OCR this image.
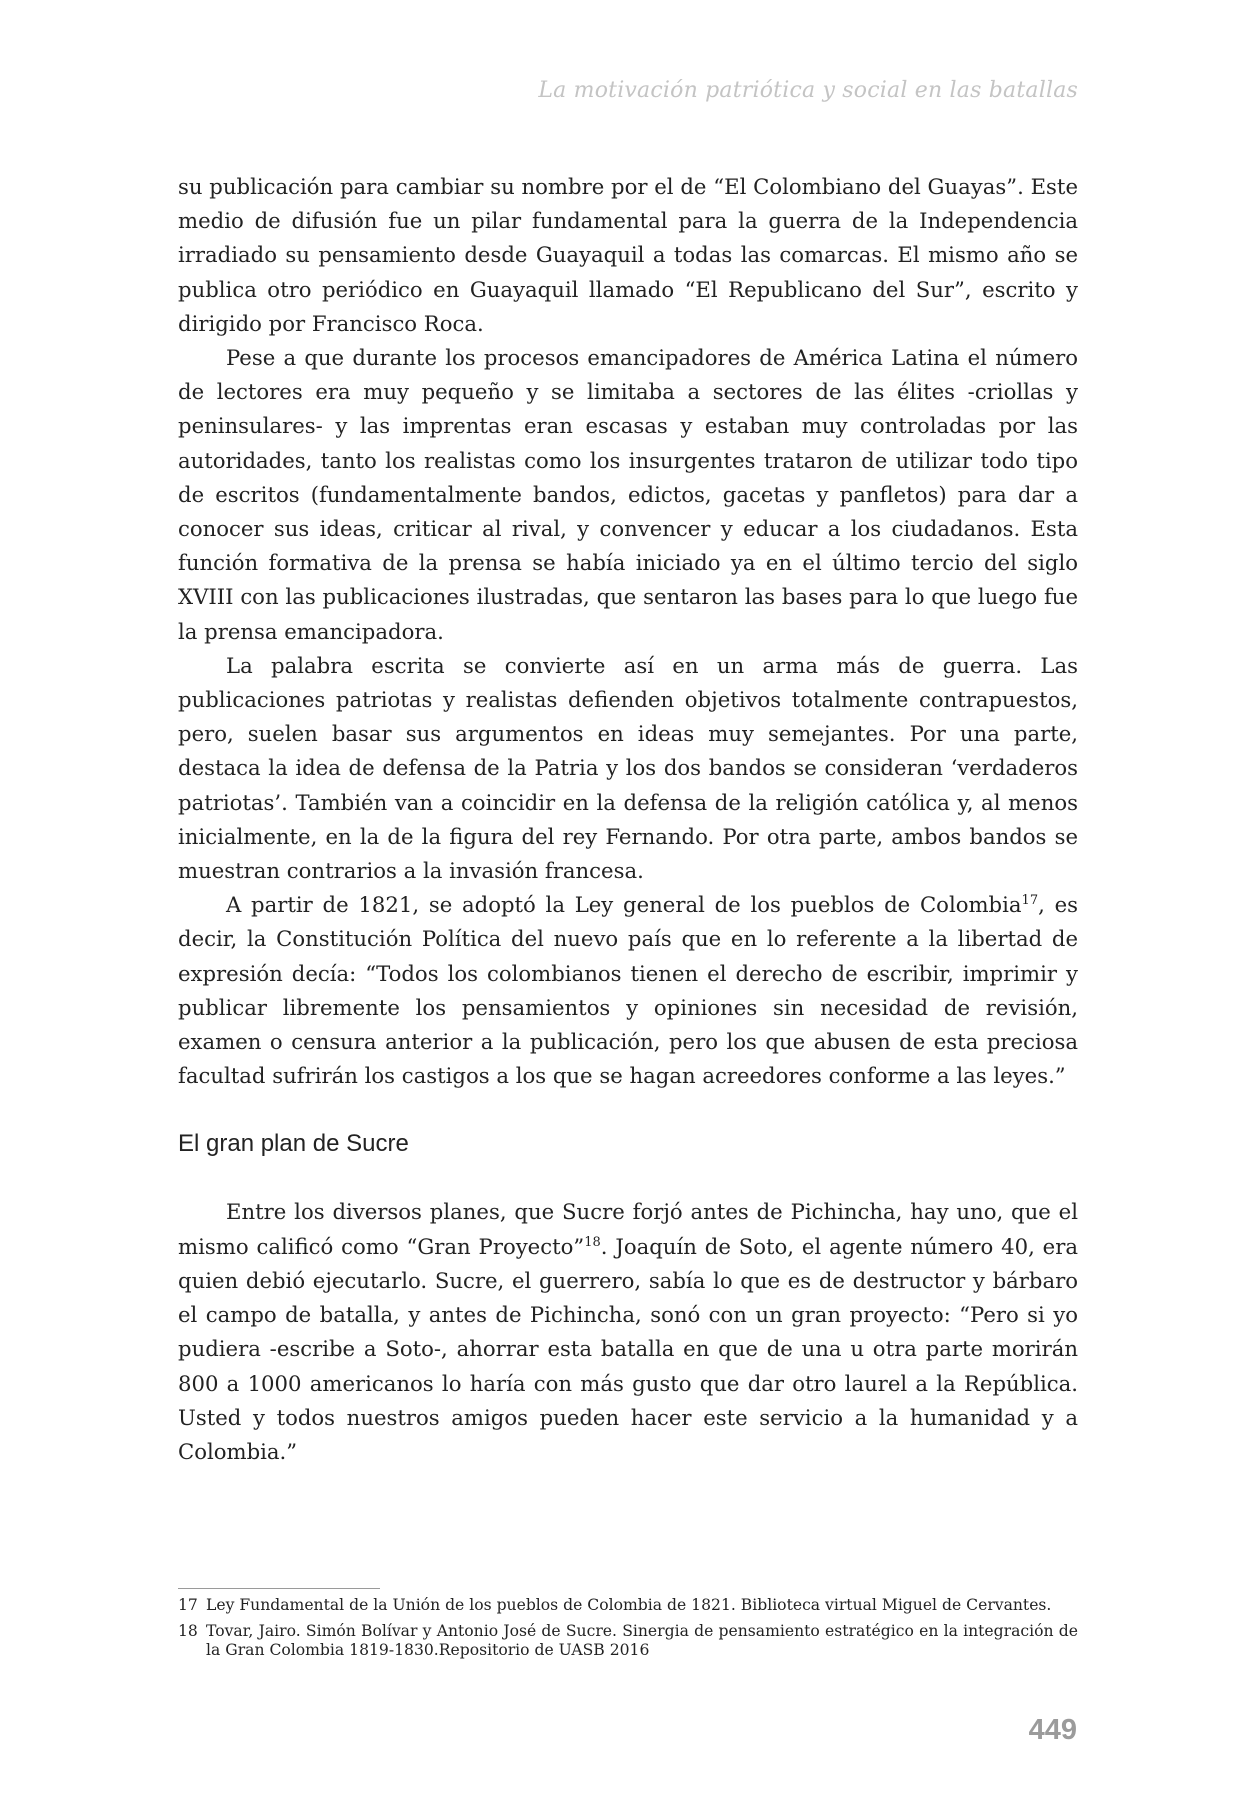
La motivación patriótica y social en las batallas

su publicación para cambiar su nombre por el de “El Colombiano del Guayas”. Este medio de difusión fue un pilar fundamental para la guerra de la Independencia irradiado su pensamiento desde Guayaquil a todas las comarcas. El mismo año se publica otro periódico en Guayaquil llamado “El Republicano del Sur”, escrito y dirigido por Francisco Roca.

Pese a que durante los procesos emancipadores de América Latina el número de lectores era muy pequeño y se limitaba a sectores de las élites -criollas y peninsulares- y las imprentas eran escasas y estaban muy controladas por las autoridades, tanto los realistas como los insurgentes trataron de utilizar todo tipo de escritos (fundamentalmente bandos, edictos, gacetas y panfletos) para dar a conocer sus ideas, criticar al rival, y convencer y educar a los ciudadanos. Esta función formativa de la prensa se había iniciado ya en el último tercio del siglo XVIII con las publicaciones ilustradas, que sentaron las bases para lo que luego fue la prensa emancipadora.

La palabra escrita se convierte así en un arma más de guerra. Las publicaciones patriotas y realistas defienden objetivos totalmente contrapuestos, pero, suelen basar sus argumentos en ideas muy semejantes. Por una parte, destaca la idea de defensa de la Patria y los dos bandos se consideran ‘verdaderos patriotas’. También van a coincidir en la defensa de la religión católica y, al menos inicialmente, en la de la figura del rey Fernando. Por otra parte, ambos bandos se muestran contrarios a la invasión francesa.

A partir de 1821, se adoptó la Ley general de los pueblos de Colombia$^{17}$, es decir, la Constitución Política del nuevo país que en lo referente a la libertad de expresión decía: “Todos los colombianos tienen el derecho de escribir, imprimir y publicar libremente los pensamientos y opiniones sin necesidad de revisión, examen o censura anterior a la publicación, pero los que abusen de esta preciosa facultad sufrirán los castigos a los que se hagan acreedores conforme a las leyes.”

El gran plan de Sucre

Entre los diversos planes, que Sucre forjó antes de Pichincha, hay uno, que el mismo calificó como “Gran Proyecto”$^{18}$. Joaquín de Soto, el agente número 40, era quien debió ejecutarlo. Sucre, el guerrero, sabía lo que es de destructor y bárbaro el campo de batalla, y antes de Pichincha, sonó con un gran proyecto: “Pero si yo pudiera -escribe a Soto-, ahorrar esta batalla en que de una u otra parte morirán 800 a 1000 americanos lo haría con más gusto que dar otro laurel a la República. Usted y todos nuestros amigos pueden hacer este servicio a la humanidad y a Colombia.”

17 Ley Fundamental de la Unión de los pueblos de Colombia de 1821. Biblioteca virtual Miguel de Cervantes.
18 Tovar, Jairo. Simón Bolívar y Antonio José de Sucre. Sinergia de pensamiento estratégico en la integración de la Gran Colombia 1819-1830.Repositorio de UASB 2016
449
